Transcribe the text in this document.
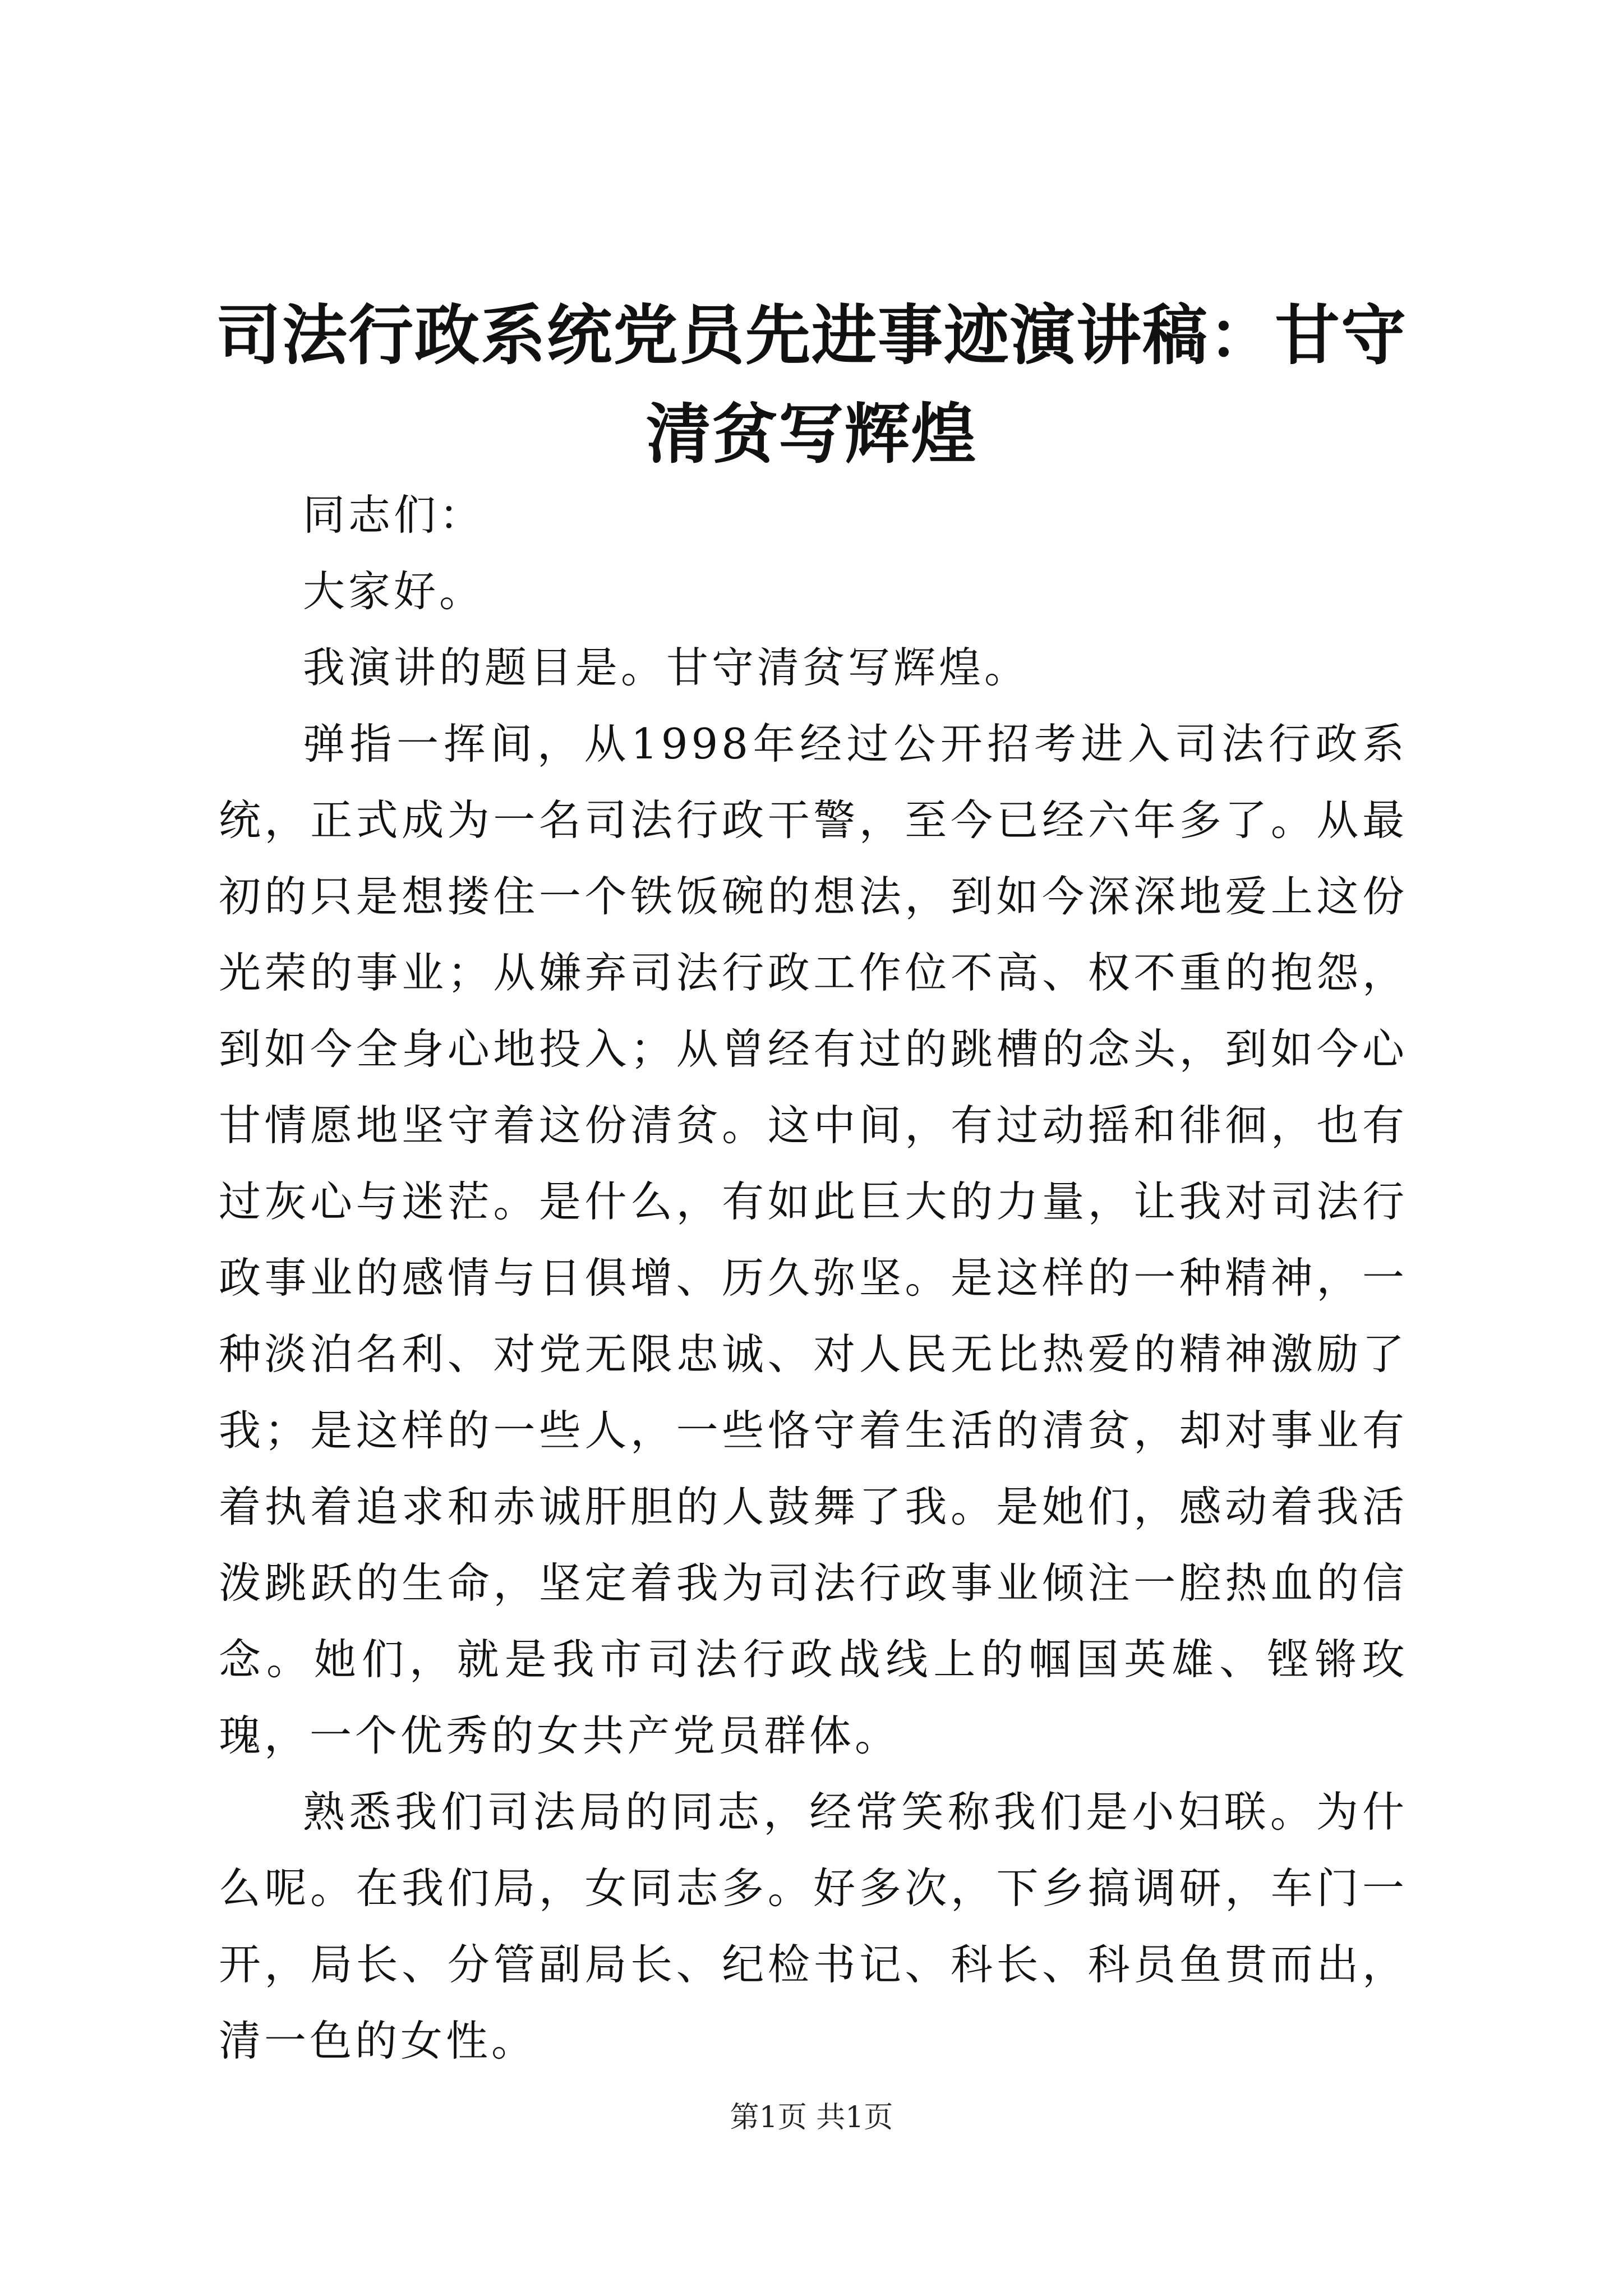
司法行政系统党员先进事迹演讲稿：甘守清贫写辉煌

同志们：

大家好。

我演讲的题目是。甘守清贫写辉煌。

弹指一挥间，从1998年经过公开招考进入司法行政系统，正式成为一名司法行政干警，至今已经六年多了。从最初的只是想搂住一个铁饭碗的想法，到如今深深地爱上这份光荣的事业；从嫌弃司法行政工作位不高、权不重的抱怨，到如今全身心地投入；从曾经有过的跳槽的念头，到如今心甘情愿地坚守着这份清贫。这中间，有过动摇和徘徊，也有过灰心与迷茫。是什么，有如此巨大的力量，让我对司法行政事业的感情与日俱增、历久弥坚。是这样的一种精神，一种淡泊名利、对党无限忠诚、对人民无比热爱的精神激励了我；是这样的一些人，一些恪守着生活的清贫，却对事业有着执着追求和赤诚肝胆的人鼓舞了我。是她们，感动着我活泼跳跃的生命，坚定着我为司法行政事业倾注一腔热血的信念。她们，就是我市司法行政战线上的帼国英雄、铿锵玫瑰，一个优秀的女共产党员群体。

熟悉我们司法局的同志，经常笑称我们是小妇联。为什么呢。在我们局，女同志多。好多次，下乡搞调研，车门一开，局长、分管副局长、纪检书记、科长、科员鱼贯而出，清一色的女性。

第1页 共1页
